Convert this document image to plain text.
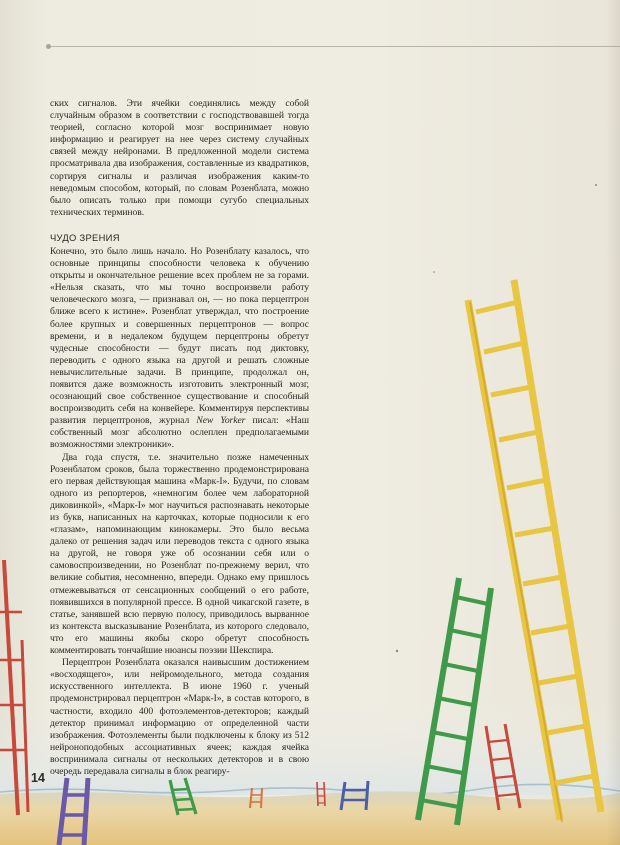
ских сигналов. Эти ячейки соединялись между собой случайным образом в соответствии с господствовавшей тогда теорией, согласно которой мозг воспринимает новую информацию и реагирует на нее через систему случайных связей между нейронами. В предложенной модели система просматривала два изображения, составленные из квадратиков, сортируя сигналы и различая изображения каким-то неведомым способом, который, по словам Розенблата, можно было описать только при помощи сугубо специальных технических терминов.

ЧУДО ЗРЕНИЯ

Конечно, это было лишь начало. Но Розенблату казалось, что основные принципы способности человека к обучению открыты и окончательное решение всех проблем не за горами. «Нельзя сказать, что мы точно воспроизвели работу человеческого мозга, — признавал он, — но пока перцептрон ближе всего к истине». Розенблат утверждал, что построение более крупных и совершенных перцептронов — вопрос времени, и в недалеком будущем перцептроны обретут чудесные способности — будут писать под диктовку, переводить с одного языка на другой и решать сложные невычислительные задачи. В принципе, продолжал он, появится даже возможность изготовить электронный мозг, осознающий свое собственное существование и способный воспроизводить себя на конвейере. Комментируя перспективы развития перцептронов, журнал New Yorker писал: «Наш собственный мозг абсолютно ослеплен предполагаемыми возможностями электроники».

Два года спустя, т.е. значительно позже намеченных Розенблатом сроков, была торжественно продемонстрирована его первая действующая машина «Марк-I». Будучи, по словам одного из репортеров, «немногим более чем лабораторной диковинкой», «Марк-I» мог научиться распознавать некоторые из букв, написанных на карточках, которые подносили к его «глазам», напоминающим кинокамеры. Это было весьма далеко от решения задач или переводов текста с одного языка на другой, не говоря уже об осознании себя или о самовоспроизведении, но Розенблат по-прежнему верил, что великие события, несомненно, впереди. Однако ему пришлось отмежевываться от сенсационных сообщений о его работе, появившихся в популярной прессе. В одной чикагской газете, в статье, занявшей всю первую полосу, приводилось вырванное из контекста высказывание Розенблата, из которого следовало, что его машины якобы скоро обретут способность комментировать тончайшие нюансы поэзии Шекспира.

Перцептрон Розенблата оказался наивысшим достижением «восходящего», или нейромодельного, метода создания искусственного интеллекта. В июне 1960 г. ученый продемонстрировал перцептрон «Марк-I», в состав которого, в частности, входило 400 фотоэлементов-детекторов; каждый детектор принимал информацию от определенной части изображения. Фотоэлементы были подключены к блоку из 512 нейроноподобных ассоциативных ячеек; каждая ячейка воспринимала сигналы от нескольких детекторов и в свою очередь передавала сигналы в блок реагиру-

14
